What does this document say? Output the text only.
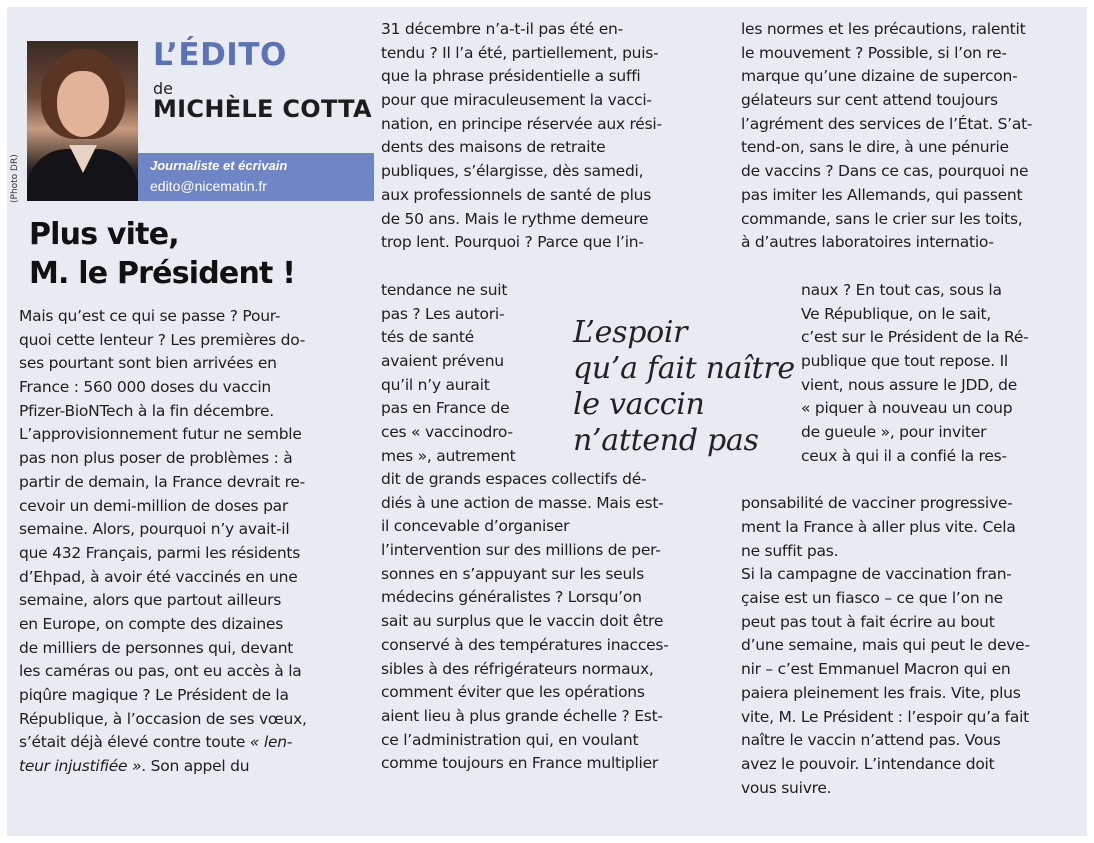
(Photo DR)
L’ÉDITO
de
MICHÈLE COTTA
Journaliste et écrivain
edito@nicematin.fr
Plus vite,
M. le Président !
Mais qu’est ce qui se passe ? Pour-
quoi cette lenteur ? Les premières do-
ses pourtant sont bien arrivées en
France : 560 000 doses du vaccin
Pfizer-BioNTech à la fin décembre.
L’approvisionnement futur ne semble
pas non plus poser de problèmes : à
partir de demain, la France devrait re-
cevoir un demi-million de doses par
semaine. Alors, pourquoi n’y avait-il
que 432 Français, parmi les résidents
d’Ehpad, à avoir été vaccinés en une
semaine, alors que partout ailleurs
en Europe, on compte des dizaines
de milliers de personnes qui, devant
les caméras ou pas, ont eu accès à la
piqûre magique ? Le Président de la
République, à l’occasion de ses vœux,
s’était déjà élevé contre toute « len-
teur injustifiée ». Son appel du
31 décembre n’a-t-il pas été en-
tendu ? Il l’a été, partiellement, puis-
que la phrase présidentielle a suffi
pour que miraculeusement la vacci-
nation, en principe réservée aux rési-
dents des maisons de retraite
publiques, s’élargisse, dès samedi,
aux professionnels de santé de plus
de 50 ans. Mais le rythme demeure
trop lent. Pourquoi ? Parce que l’in-
tendance ne suit
pas ? Les autori-
tés de santé
avaient prévenu
qu’il n’y aurait
pas en France de
ces « vaccinodro-
mes », autrement
L’espoir
qu’a fait naître
le vaccin
n’attend pas
dit de grands espaces collectifs dé-
diés à une action de masse. Mais est-
il concevable d’organiser
l’intervention sur des millions de per-
sonnes en s’appuyant sur les seuls
médecins généralistes ? Lorsqu’on
sait au surplus que le vaccin doit être
conservé à des températures inacces-
sibles à des réfrigérateurs normaux,
comment éviter que les opérations
aient lieu à plus grande échelle ? Est-
ce l’administration qui, en voulant
comme toujours en France multiplier
les normes et les précautions, ralentit
le mouvement ? Possible, si l’on re-
marque qu’une dizaine de supercon-
gélateurs sur cent attend toujours
l’agrément des services de l’État. S’at-
tend-on, sans le dire, à une pénurie
de vaccins ? Dans ce cas, pourquoi ne
pas imiter les Allemands, qui passent
commande, sans le crier sur les toits,
à d’autres laboratoires internatio-
naux ? En tout cas, sous la
Ve République, on le sait,
c’est sur le Président de la Ré-
publique que tout repose. Il
vient, nous assure le JDD, de
« piquer à nouveau un coup
de gueule », pour inviter
ceux à qui il a confié la res-
ponsabilité de vacciner progressive-
ment la France à aller plus vite. Cela
ne suffit pas.
Si la campagne de vaccination fran-
çaise est un fiasco – ce que l’on ne
peut pas tout à fait écrire au bout
d’une semaine, mais qui peut le deve-
nir – c’est Emmanuel Macron qui en
paiera pleinement les frais. Vite, plus
vite, M. Le Président : l’espoir qu’a fait
naître le vaccin n’attend pas. Vous
avez le pouvoir. L’intendance doit
vous suivre.
